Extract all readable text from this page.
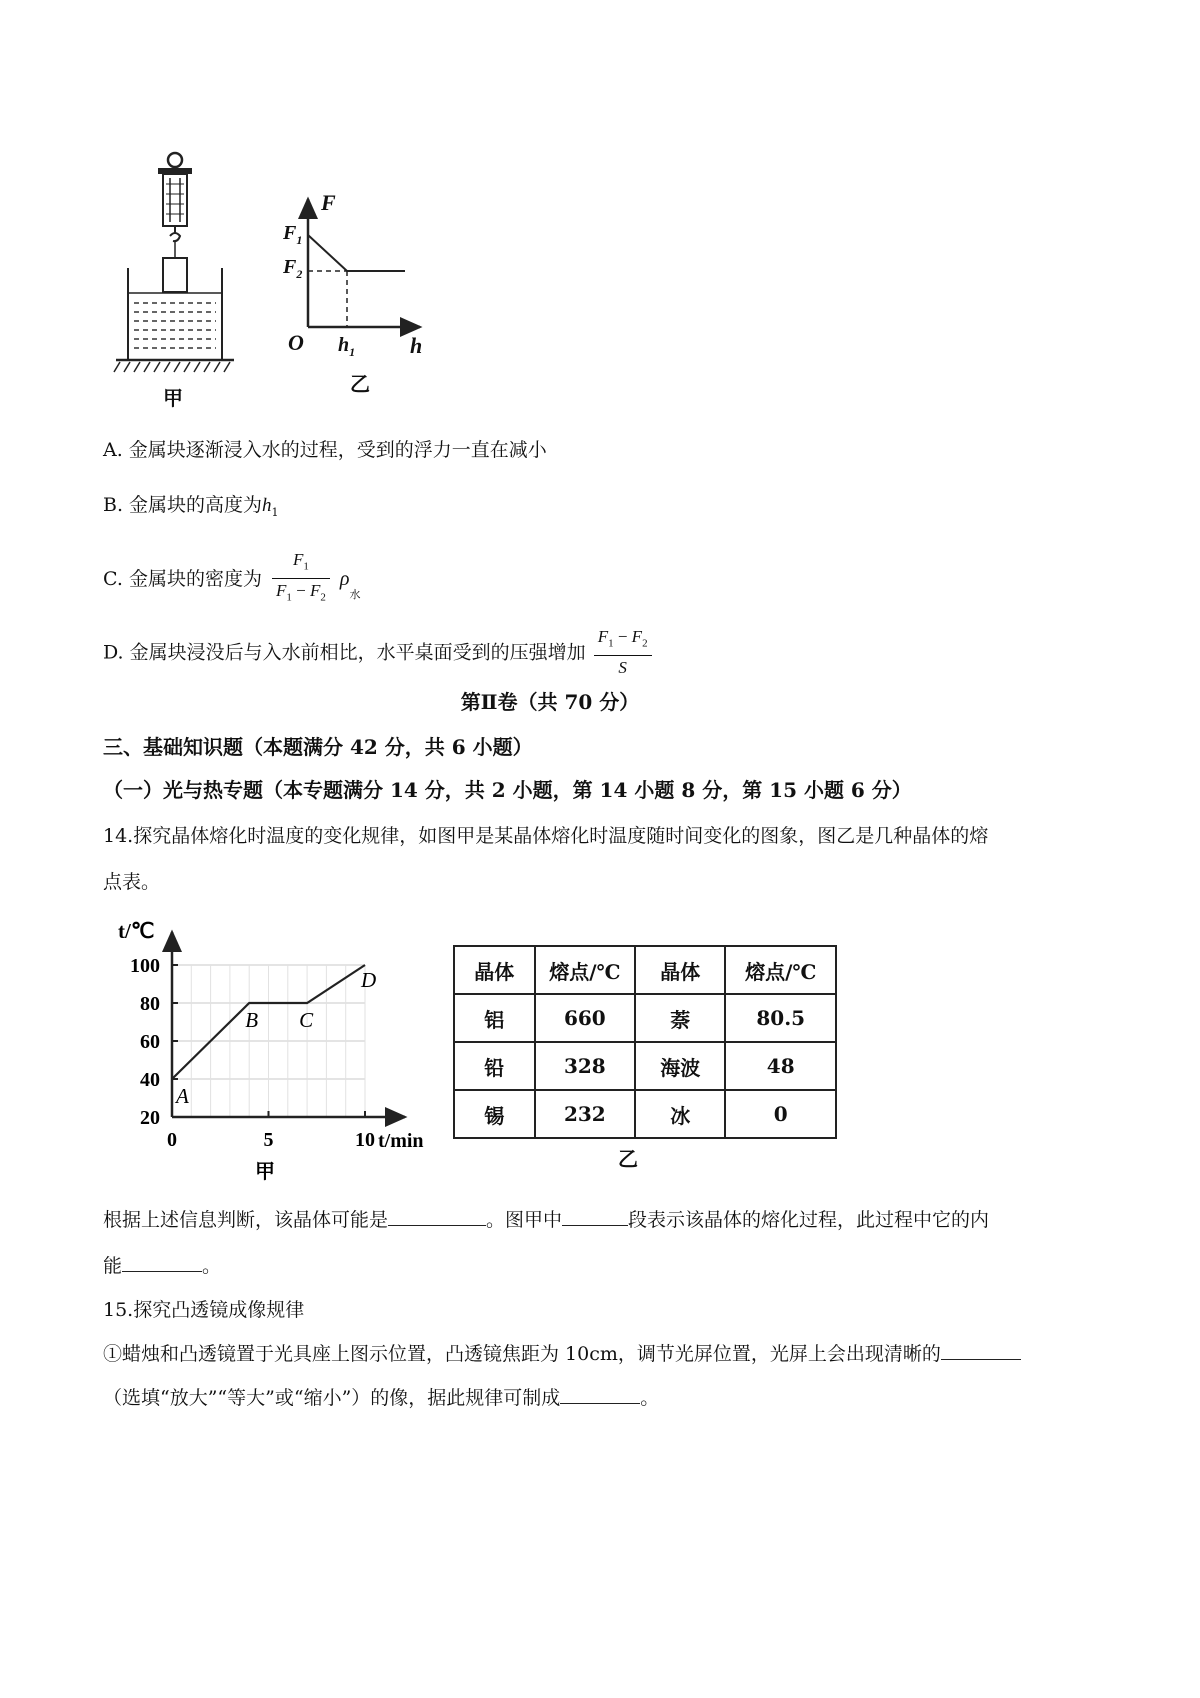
甲
F
$F_1$
$F_2$
O $h_1$ h
乙
A. 金属块逐渐浸入水的过程，受到的浮力一直在减小
B. 金属块的高度为$h_1$
C. 金属块的密度为 $\frac{F_1}{F_1 - F_2} \rho_水$
D. 金属块浸没后与入水前相比，水平桌面受到的压强增加 $\frac{F_1 - F_2}{S}$
第Ⅱ卷（共 70 分）
三、基础知识题（本题满分 42 分，共 6 小题）
（一）光与热专题（本专题满分 14 分，共 2 小题，第 14 小题 8 分，第 15 小题 6 分）
14.探究晶体熔化时温度的变化规律，如图甲是某晶体熔化时温度随时间变化的图象，图乙是几种晶体的熔
点表。
20
40
60
80
100
0	5	10
t/℃
t/min
A
B C
D
甲
晶体	熔点/℃	晶体	熔点/℃
铝	660	萘	80.5
铅	328	海波	48
锡	232	冰	0
乙
根据上述信息判断，该晶体可能是	。图甲中	段表示该晶体的熔化过程，此过程中它的内
能	。
15.探究凸透镜成像规律
①蜡烛和凸透镜置于光具座上图示位置，凸透镜焦距为 10cm，调节光屏位置，光屏上会出现清晰的
（选填“放大”“等大”或“缩小”）的像，据此规律可制成	。
